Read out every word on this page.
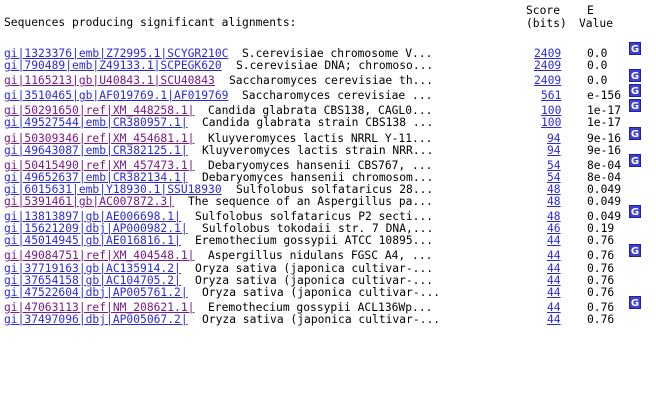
Sequences producing significant alignments:

Score

(bits)

E

Value

gi|1323376|emb|Z72995.1|SCYGR210C S.cerevisiae chromosome V...	2409 0.0 G
gi|790489|emb|Z49133.1|SCPEGK620 S.cerevisiae DNA; chromoso...	2409 0.0
gi|1165213|gb|U40843.1|SCU40843 Saccharomyces cerevisiae th...	2409 0.0 G
gi|3510465|gb|AF019769.1|AF019769 Saccharomyces cerevisiae ...	561 e-156 G
gi|50291650|ref|XM_448258.1| Candida glabrata CBS138, CAGL0...	100 1e-17 G
gi|49527544|emb|CR380957.1| Candida glabrata strain CBS138 ...	100 1e-17
gi|50309346|ref|XM_454681.1| Kluyveromyces lactis NRRL Y-11...	94 9e-16 G
gi|49643087|emb|CR382125.1| Kluyveromyces lactis strain NRR...	94 9e-16
gi|50415490|ref|XM_457473.1| Debaryomyces hansenii CBS767, ...	54 8e-04 G
gi|49652637|emb|CR382134.1| Debaryomyces hansenii chromosom...	54 8e-04
gi|6015631|emb|Y18930.1|SSU18930 Sulfolobus solfataricus 28...	48 0.049
gi|5391461|gb|AC007872.3| The sequence of an Aspergillus pa...	48 0.049
gi|13813897|gb|AE006698.1| Sulfolobus solfataricus P2 secti...	48 0.049 G
gi|15621209|dbj|AP000982.1| Sulfolobus tokodaii str. 7 DNA,...	46 0.19
gi|45014945|gb|AE016816.1| Eremothecium gossypii ATCC 10895...	44 0.76
gi|49084751|ref|XM_404548.1| Aspergillus nidulans FGSC A4, ...	44 0.76 G
gi|37719163|gb|AC135914.2| Oryza sativa (japonica cultivar-...	44 0.76
gi|37654158|gb|AC104705.2| Oryza sativa (japonica cultivar-...	44 0.76
gi|47522604|dbj|AP005761.2| Oryza sativa (japonica cultivar-...	44 0.76
gi|47063113|ref|NM_208621.1| Eremothecium gossypii ACL136Wp...	44 0.76 G
gi|37497096|dbj|AP005067.2| Oryza sativa (japonica cultivar-...	44 0.76
